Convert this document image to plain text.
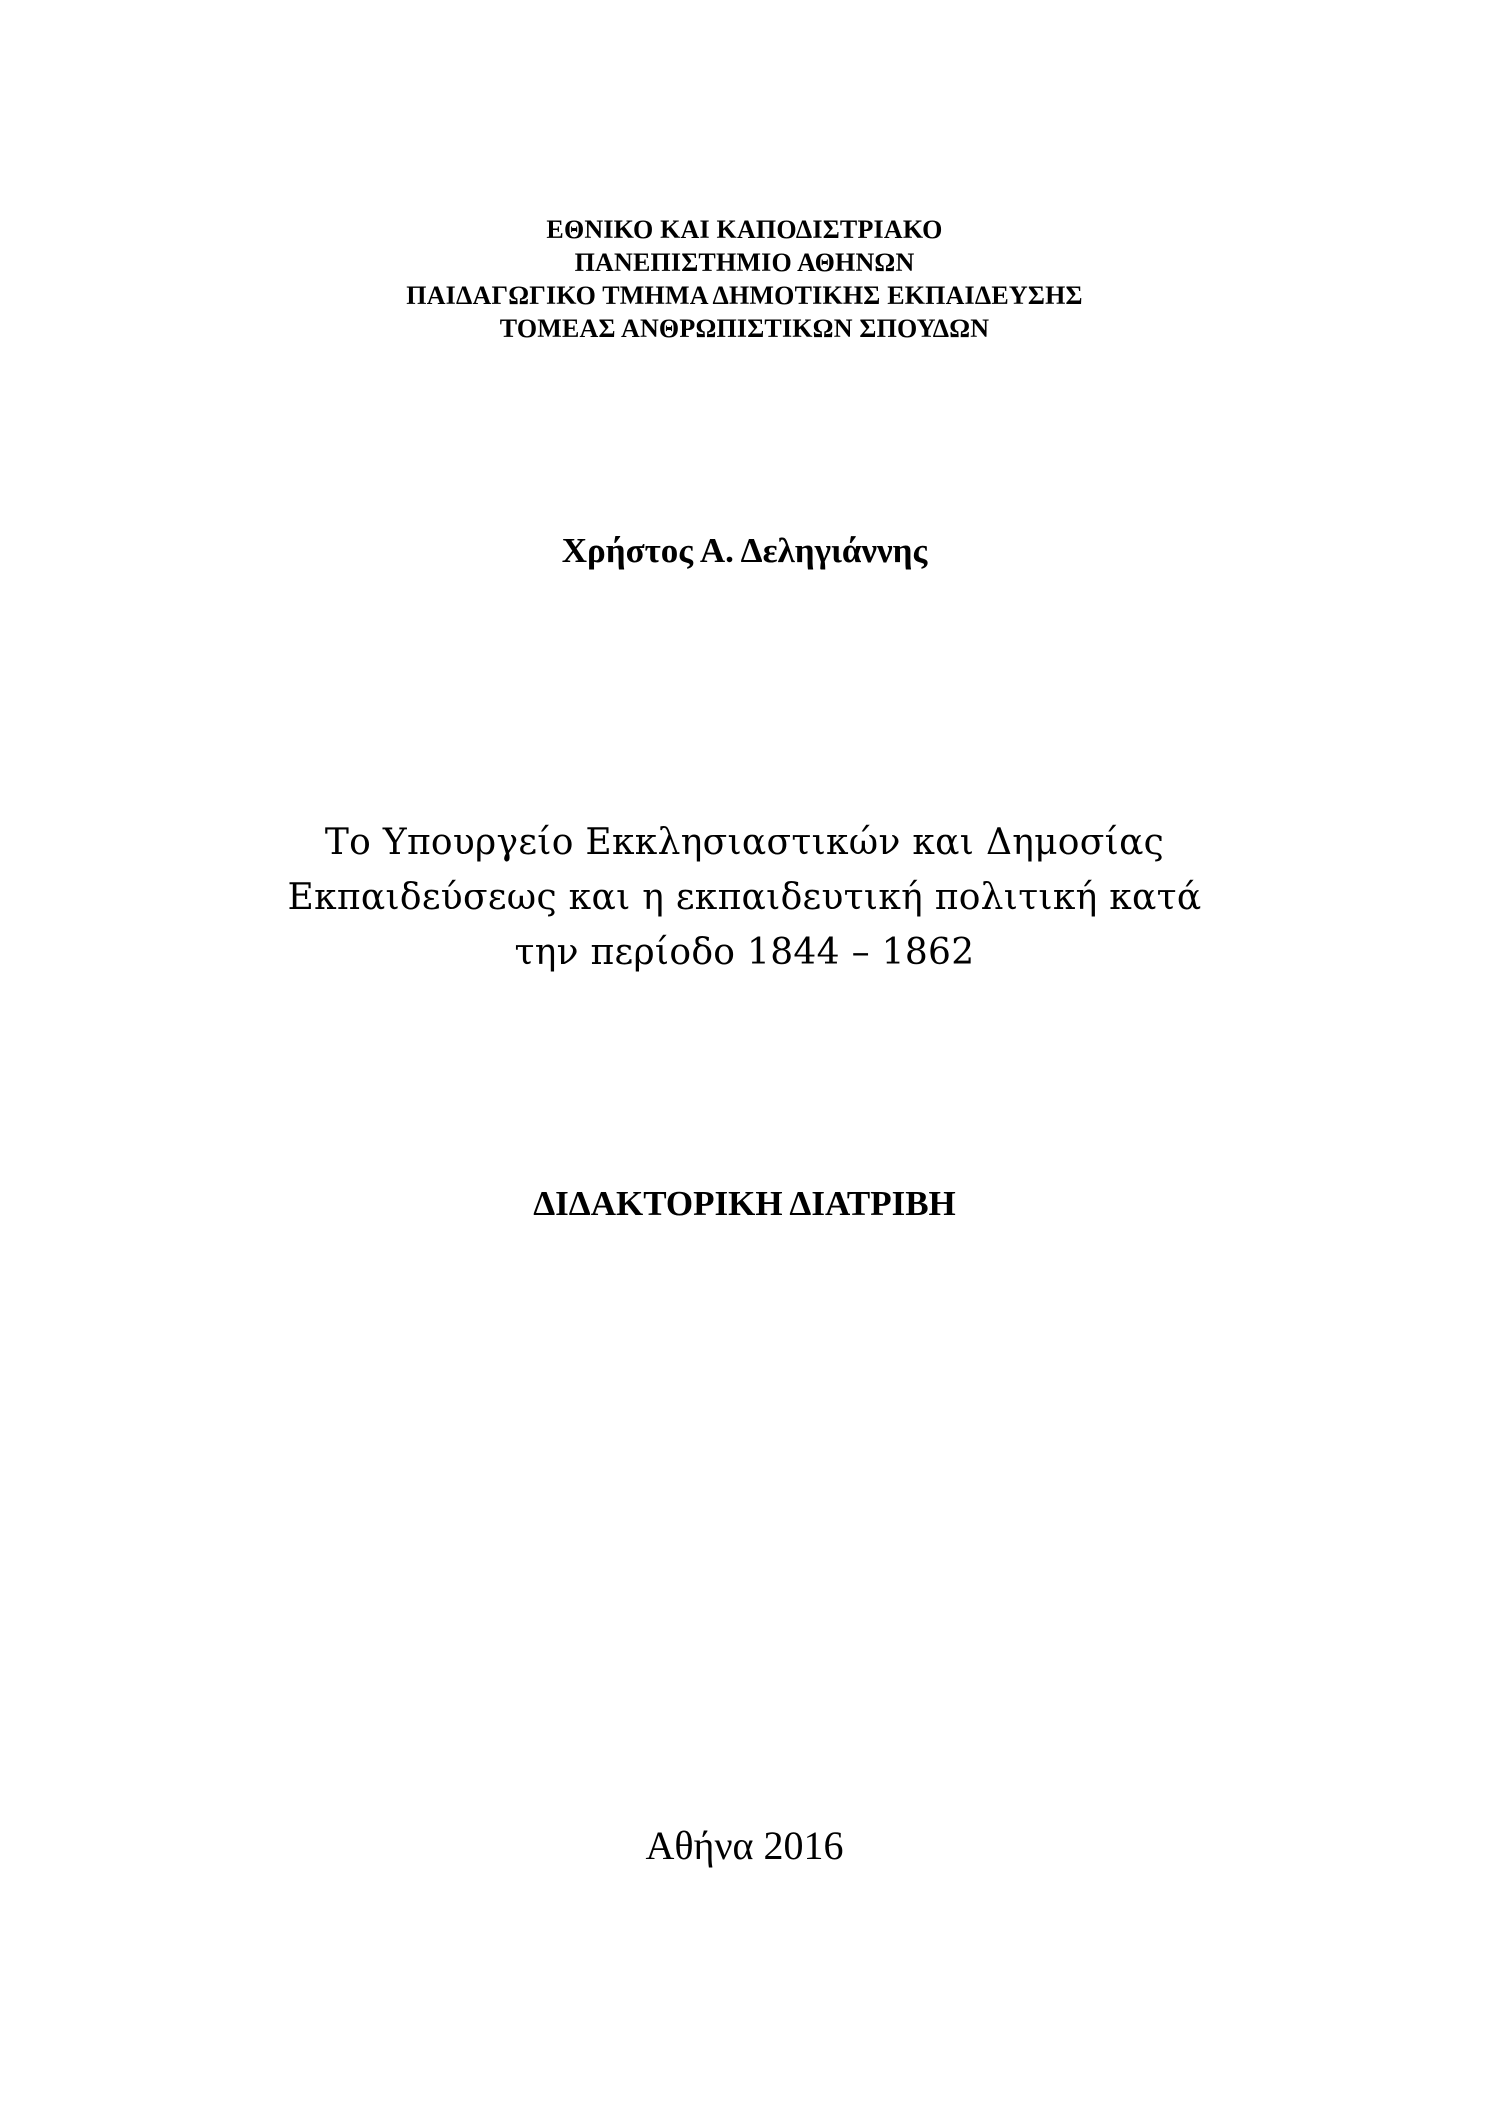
ΕΘΝΙΚΟ ΚΑΙ ΚΑΠΟΔΙΣΤΡΙΑΚΟ
ΠΑΝΕΠΙΣΤΗΜΙΟ ΑΘΗΝΩΝ
ΠΑΙΔΑΓΩΓΙΚΟ ΤΜΗΜΑ ΔΗΜΟΤΙΚΗΣ ΕΚΠΑΙΔΕΥΣΗΣ
ΤΟΜΕΑΣ ΑΝΘΡΩΠΙΣΤΙΚΩΝ ΣΠΟΥΔΩΝ
Χρήστος Α. Δεληγιάννης
Το Υπουργείο Εκκλησιαστικών και Δημοσίας
Εκπαιδεύσεως και η εκπαιδευτική πολιτική κατά
την περίοδο 1844 – 1862
ΔΙΔΑΚΤΟΡΙΚΗ ΔΙΑΤΡΙΒΗ
Αθήνα 2016
